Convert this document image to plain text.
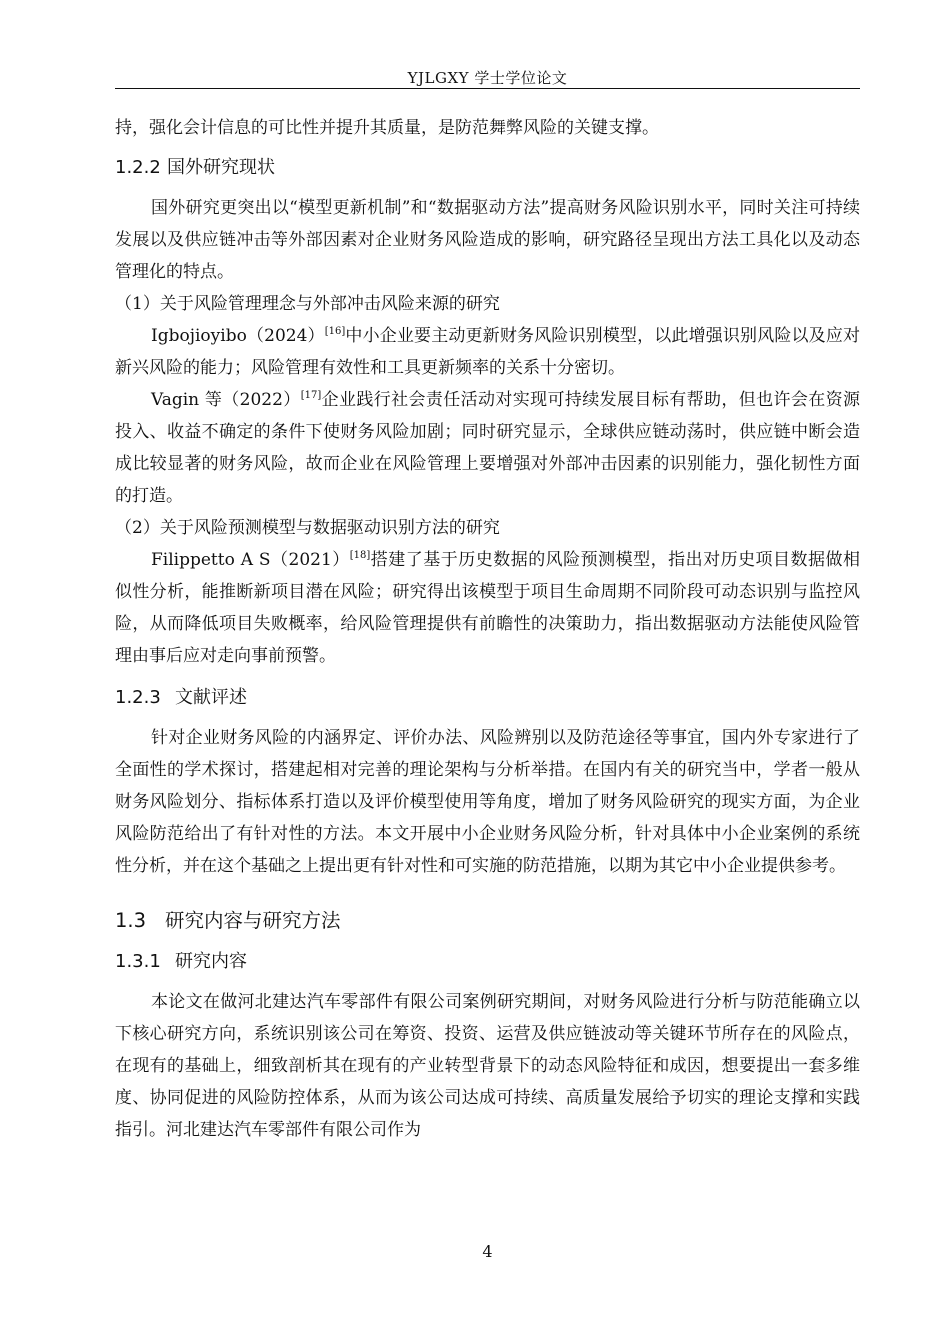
YJLGXY 学士学位论文

持，强化会计信息的可比性并提升其质量，是防范舞弊风险的关键支撑。

1.2.2 国外研究现状

国外研究更突出以“模型更新机制”和“数据驱动方法”提高财务风险识别水平，同时关注可持续发展以及供应链冲击等外部因素对企业财务风险造成的影响，研究路径呈现出方法工具化以及动态管理化的特点。

（1）关于风险管理理念与外部冲击风险来源的研究

Igbojioyibo（2024）[16]中小企业要主动更新财务风险识别模型，以此增强识别风险以及应对新兴风险的能力；风险管理有效性和工具更新频率的关系十分密切。

Vagin 等（2022）[17]企业践行社会责任活动对实现可持续发展目标有帮助，但也许会在资源投入、收益不确定的条件下使财务风险加剧；同时研究显示，全球供应链动荡时，供应链中断会造成比较显著的财务风险，故而企业在风险管理上要增强对外部冲击因素的识别能力，强化韧性方面的打造。

（2）关于风险预测模型与数据驱动识别方法的研究

Filippetto A S（2021）[18]搭建了基于历史数据的风险预测模型，指出对历史项目数据做相似性分析，能推断新项目潜在风险；研究得出该模型于项目生命周期不同阶段可动态识别与监控风险，从而降低项目失败概率，给风险管理提供有前瞻性的决策助力，指出数据驱动方法能使风险管理由事后应对走向事前预警。

1.2.3 文献评述

针对企业财务风险的内涵界定、评价办法、风险辨别以及防范途径等事宜，国内外专家进行了全面性的学术探讨，搭建起相对完善的理论架构与分析举措。在国内有关的研究当中，学者一般从财务风险划分、指标体系打造以及评价模型使用等角度，增加了财务风险研究的现实方面，为企业风险防范给出了有针对性的方法。本文开展中小企业财务风险分析，针对具体中小企业案例的系统性分析，并在这个基础之上提出更有针对性和可实施的防范措施，以期为其它中小企业提供参考。

1.3 研究内容与研究方法
1.3.1 研究内容

本论文在做河北建达汽车零部件有限公司案例研究期间，对财务风险进行分析与防范能确立以下核心研究方向，系统识别该公司在筹资、投资、运营及供应链波动等关键环节所存在的风险点，在现有的基础上，细致剖析其在现有的产业转型背景下的动态风险特征和成因，想要提出一套多维度、协同促进的风险防控体系，从而为该公司达成可持续、高质量发展给予切实的理论支撑和实践指引。河北建达汽车零部件有限公司作为

4
